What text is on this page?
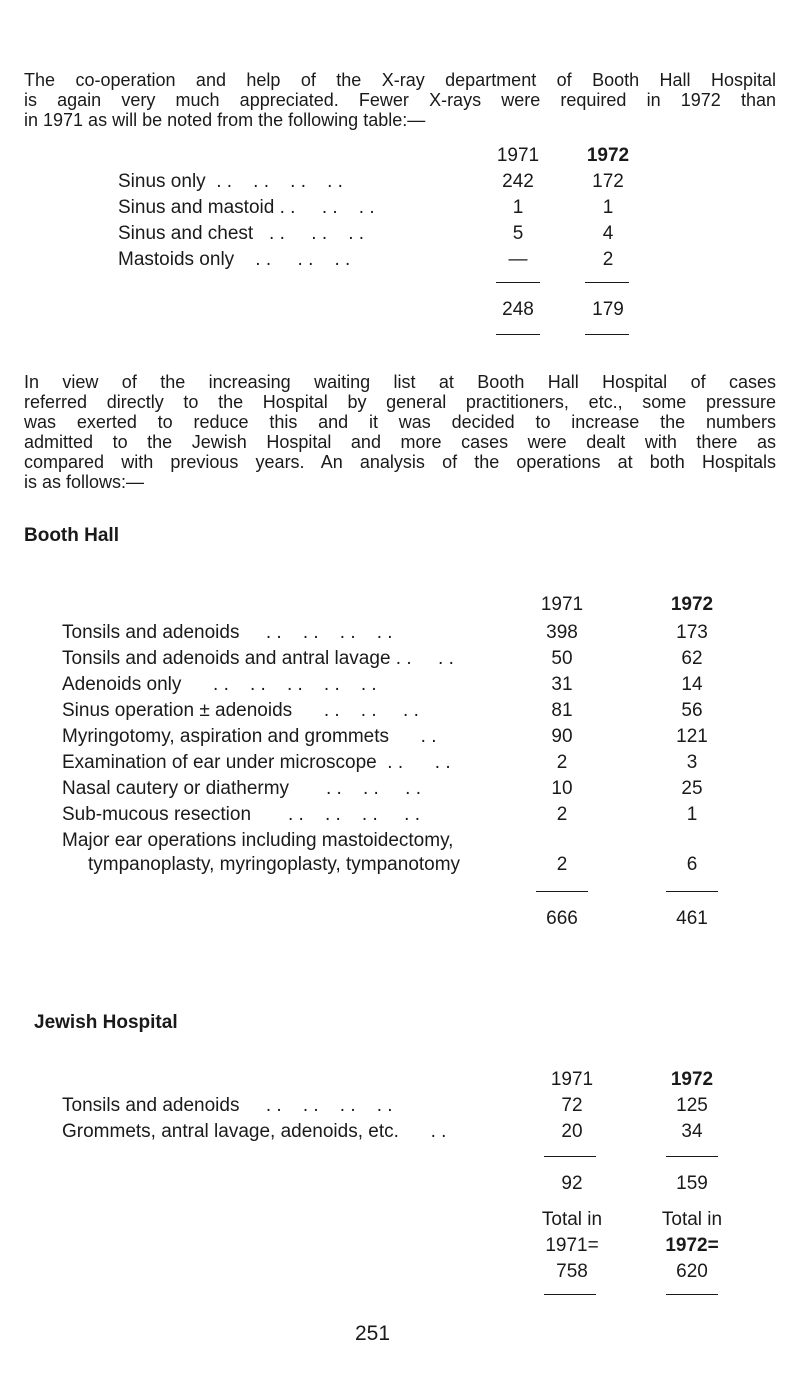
The co-operation and help of the X-ray department of Booth Hall Hospital
is again very much appreciated. Fewer X-rays were required in 1972 than
in 1971 as will be noted from the following table:—
1971	1972
Sinus only  . .    . .    . .    . .	242	172
Sinus and mastoid . .     . .    . .	1	1
Sinus and chest   . .     . .    . .	5	4
Mastoids only    . .     . .    . .	—	2
248	179
In view of the increasing waiting list at Booth Hall Hospital of cases
referred directly to the Hospital by general practitioners, etc., some pressure
was exerted to reduce this and it was decided to increase the numbers
admitted to the Jewish Hospital and more cases were dealt with there as
compared with previous years. An analysis of the operations at both Hospitals
is as follows:—
Booth Hall
1971	1972
Tonsils and adenoids     . .    . .    . .    . .	398	173
Tonsils and adenoids and antral lavage . .     . .	50	62
Adenoids only      . .    . .    . .    . .    . .	31	14
Sinus operation ± adenoids      . .    . .     . .	81	56
Myringotomy, aspiration and grommets      . .	90	121
Examination of ear under microscope  . .      . .	2	3
Nasal cautery or diathermy       . .    . .     . .	10	25
Sub-mucous resection       . .    . .    . .     . .	2	1
Major ear operations including mastoidectomy,
tympanoplasty, myringoplasty, tympanotomy	2	6
666	461
Jewish Hospital
1971	1972
Tonsils and adenoids     . .    . .    . .    . .	72	125
Grommets, antral lavage, adenoids, etc.      . .	20	34
92	159
Total in	Total in
1971=	1972=
758	620
251
